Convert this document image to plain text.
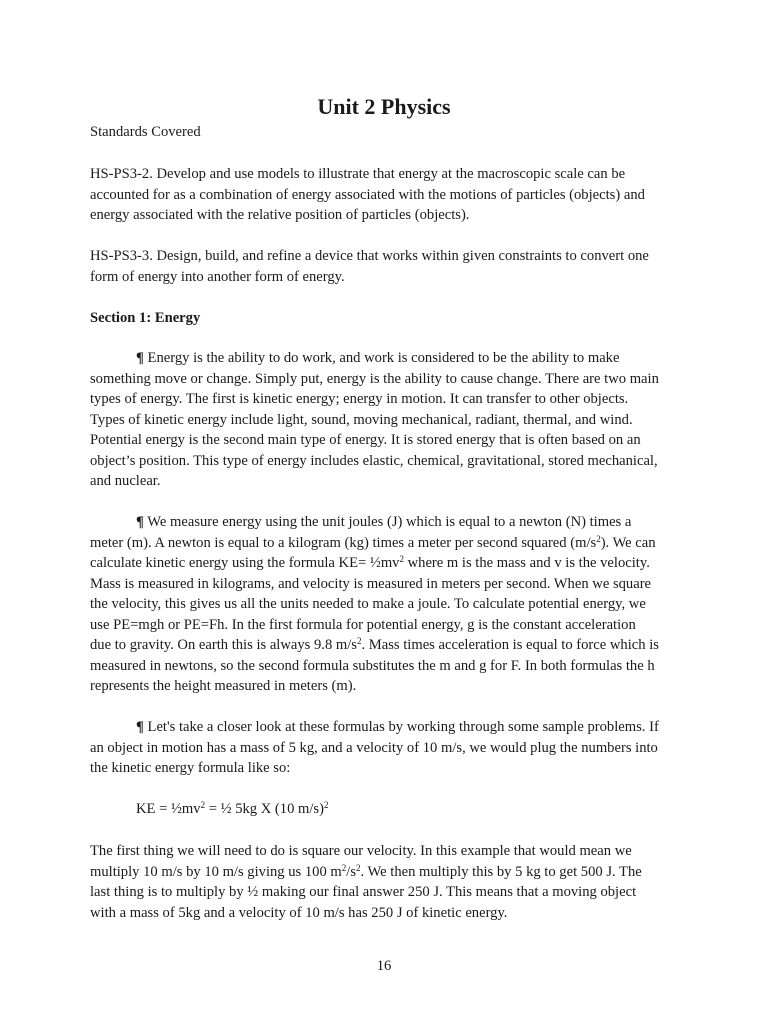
Unit 2 Physics
Standards Covered
HS-PS3-2. Develop and use models to illustrate that energy at the macroscopic scale can be
accounted for as a combination of energy associated with the motions of particles (objects) and
energy associated with the relative position of particles (objects).
HS-PS3-3. Design, build, and refine a device that works within given constraints to convert one
form of energy into another form of energy.
Section 1: Energy
¶ Energy is the ability to do work, and work is considered to be the ability to make
something move or change. Simply put, energy is the ability to cause change. There are two main
types of energy. The first is kinetic energy; energy in motion. It can transfer to other objects.
Types of kinetic energy include light, sound, moving mechanical, radiant, thermal, and wind.
Potential energy is the second main type of energy. It is stored energy that is often based on an
object’s position. This type of energy includes elastic, chemical, gravitational, stored mechanical,
and nuclear.
¶ We measure energy using the unit joules (J) which is equal to a newton (N) times a
meter (m). A newton is equal to a kilogram (kg) times a meter per second squared $(m/s^2)$. We can
calculate kinetic energy using the formula $KE= \frac{1}{2}mv^2$ where m is the mass and v is the velocity.
Mass is measured in kilograms, and velocity is measured in meters per second. When we square
the velocity, this gives us all the units needed to make a joule. To calculate potential energy, we
use PE=mgh or PE=Fh. In the first formula for potential energy, g is the constant acceleration
due to gravity. On earth this is always 9.8 $m/s^2$. Mass times acceleration is equal to force which is
measured in newtons, so the second formula substitutes the m and g for F. In both formulas the h
represents the height measured in meters (m).
¶ Let's take a closer look at these formulas by working through some sample problems. If
an object in motion has a mass of 5 kg, and a velocity of 10 m/s, we would plug the numbers into
the kinetic energy formula like so:
KE = $\frac{1}{2}mv^2$ = ½ 5kg X (10 m/s)$^2$
The first thing we will need to do is square our velocity. In this example that would mean we
multiply 10 m/s by 10 m/s giving us 100 $m^2/s^2$. We then multiply this by 5 kg to get 500 J. The
last thing is to multiply by ½ making our final answer 250 J. This means that a moving object
with a mass of 5kg and a velocity of 10 m/s has 250 J of kinetic energy.
16
